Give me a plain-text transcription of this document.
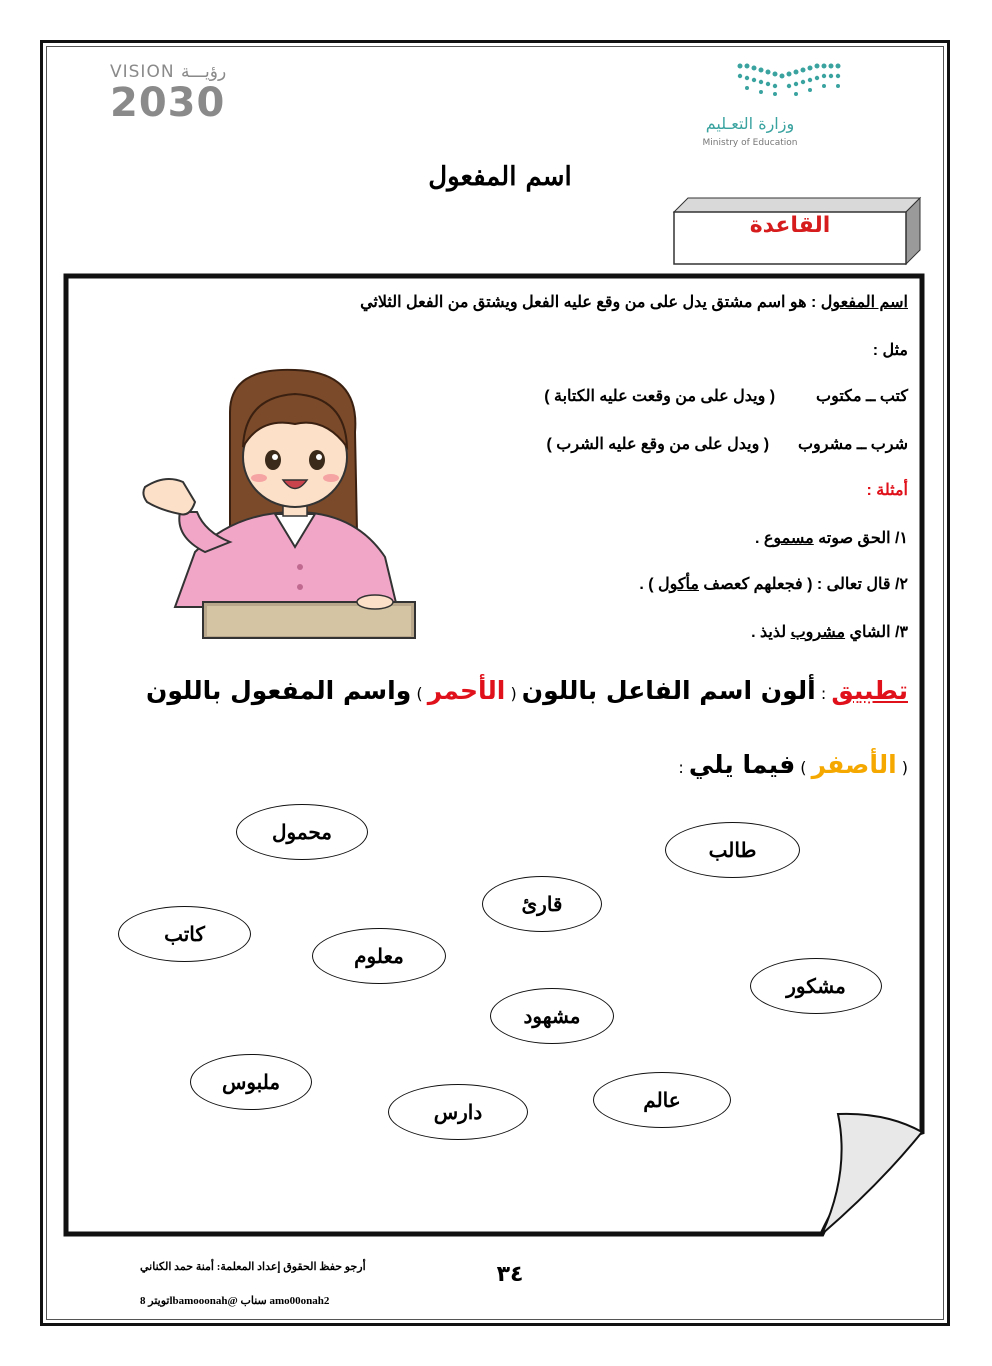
VISION رؤيـــة
2030	وزارة التعـليم
Ministry of Education
اسم المفعول
القاعدة
اسم المفعول : هو اسم مشتق يدل على من وقع عليه الفعل ويشتق من الفعل الثلاثي
مثل :
كتب ــ مكتوب  ( ويدل على من وقعت عليه الكتابة )
شرب ــ مشروب  ( ويدل على من وقع عليه الشرب )
أمثلة :
١/ الحق صوته مسموع .
٢/ قال تعالى : ( فجعلهم كعصف مأكول ) .
٣/ الشاي مشروب لذيذ .
تطبيق : ألون اسم الفاعل باللون ( الأحمر ) واسم المفعول باللون
( الأصفر ) فيما يلي :
محمول
طالب
قارئ
كاتب
معلوم
مشكور
مشهود
ملبوس
عالم
دارس
أرجو حفظ الحقوق إعداد المعلمة: أمنة حمد الكناني
تويتر 8lbamooonah@ سناب amo00onah2
٣٤
